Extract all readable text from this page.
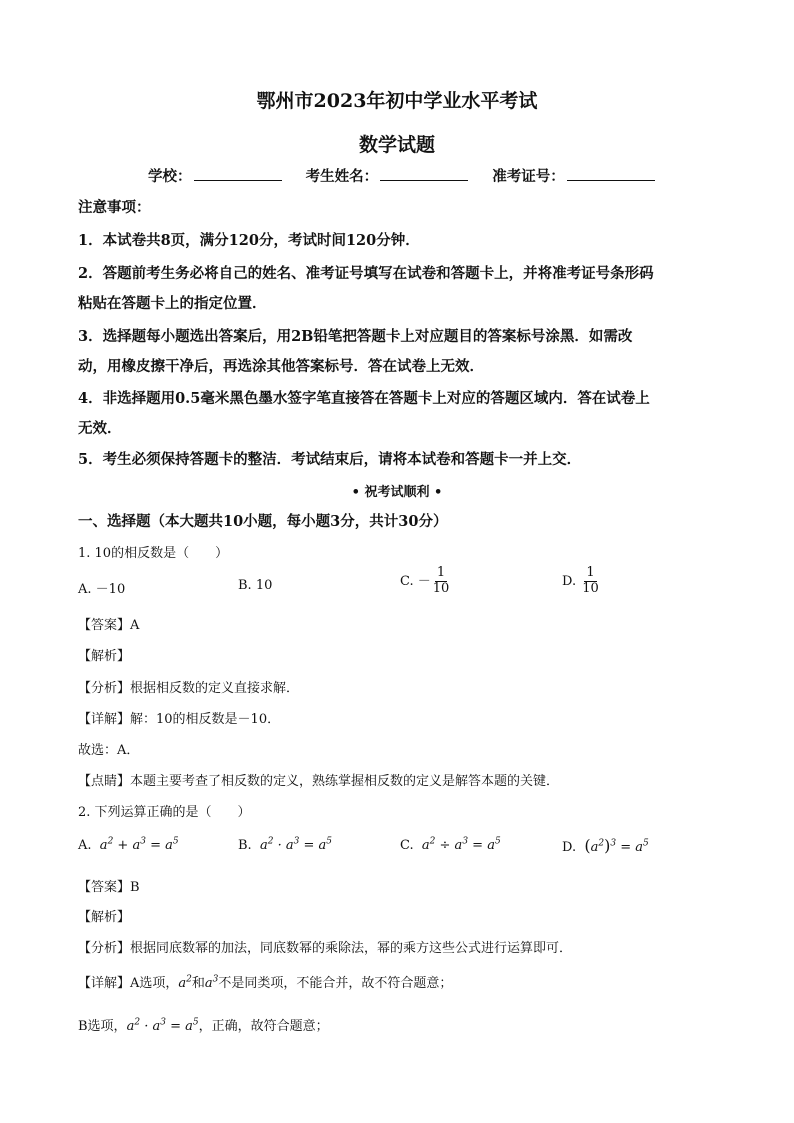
鄂州市2023年初中学业水平考试
数学试题
学校：	考生姓名：	准考证号：
注意事项：
1．本试卷共8页，满分120分，考试时间120分钟．
2．答题前考生务必将自己的姓名、准考证号填写在试卷和答题卡上，并将准考证号条形码
粘贴在答题卡上的指定位置．
3．选择题每小题选出答案后，用2B铅笔把答题卡上对应题目的答案标号涂黑．如需改
动，用橡皮擦干净后，再选涂其他答案标号．答在试卷上无效．
4．非选择题用0.5毫米黑色墨水签字笔直接答在答题卡上对应的答题区域内．答在试卷上
无效．
5．考生必须保持答题卡的整洁．考试结束后，请将本试卷和答题卡一并上交．
• 祝考试顺利 •
一、选择题（本大题共10小题，每小题3分，共计30分）
1. 10的相反数是（　　）
A. －10	B. 10	C. － $\frac{1}{10}$	D. $\frac{1}{10}$
【答案】A
【解析】
【分析】根据相反数的定义直接求解．
【详解】解：10的相反数是－10．
故选：A．
【点睛】本题主要考查了相反数的定义，熟练掌握相反数的定义是解答本题的关键．
2. 下列运算正确的是（　　）
A. $a^2 + a^3 = a^5$	B. $a^2 \cdot a^3 = a^5$	C. $a^2 \div a^3 = a^5$	D. $(a^2)^3 = a^5$
【答案】B
【解析】
【分析】根据同底数幂的加法，同底数幂的乘除法，幂的乘方这些公式进行运算即可．
【详解】A选项，$a^2$和$a^3$不是同类项，不能合并，故不符合题意；
B选项，$a^2 \cdot a^3 = a^5$，正确，故符合题意；
